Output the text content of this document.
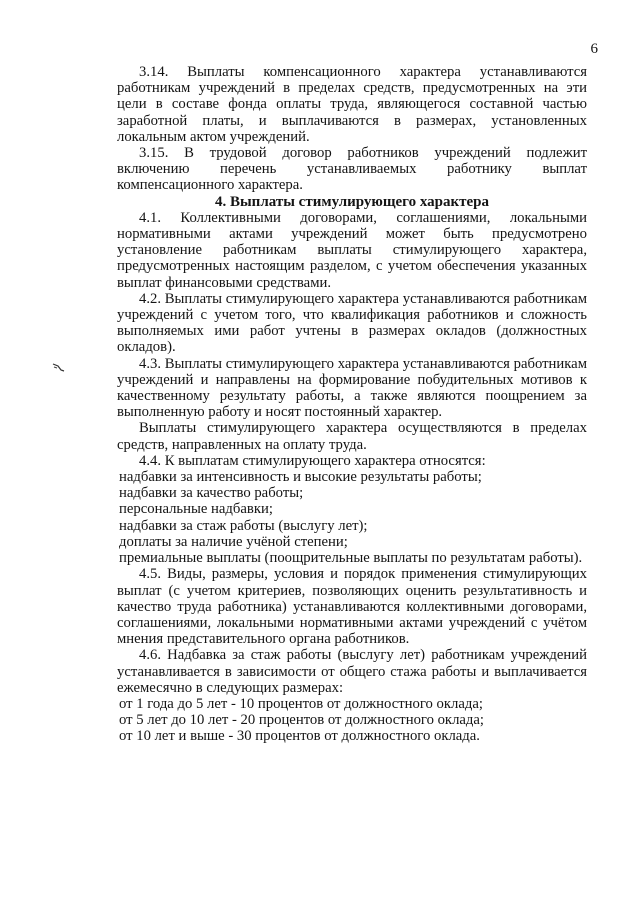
6

3.14. Выплаты компенсационного характера устанавливаются работникам учреждений в пределах средств, предусмотренных на эти цели в составе фонда оплаты труда, являющегося составной частью заработной платы, и выплачиваются в размерах, установленных локальным актом учреждений.

3.15. В трудовой договор работников учреждений подлежит включению перечень устанавливаемых работнику выплат компенсационного характера.

4. Выплаты стимулирующего характера

4.1. Коллективными договорами, соглашениями, локальными нормативными актами учреждений может быть предусмотрено установление работникам выплаты стимулирующего характера, предусмотренных настоящим разделом, с учетом обеспечения указанных выплат финансовыми средствами.

4.2. Выплаты стимулирующего характера устанавливаются работникам учреждений с учетом того, что квалификация работников и сложность выполняемых ими работ учтены в размерах окладов (должностных окладов).

4.3. Выплаты стимулирующего характера устанавливаются работникам учреждений и направлены на формирование побудительных мотивов к качественному результату работы, а также являются поощрением за выполненную работу и носят постоянный характер.

Выплаты стимулирующего характера осуществляются в пределах средств, направленных на оплату труда.

4.4. К выплатам стимулирующего характера относятся:

надбавки за интенсивность и высокие результаты работы;

надбавки за качество работы;

персональные надбавки;

надбавки за стаж работы (выслугу лет);

доплаты за наличие учёной степени;

премиальные выплаты (поощрительные выплаты по результатам работы).

4.5. Виды, размеры, условия и порядок применения стимулирующих выплат (с учетом критериев, позволяющих оценить результативность и качество труда работника) устанавливаются коллективными договорами, соглашениями, локальными нормативными актами учреждений с учётом мнения представительного органа работников.

4.6. Надбавка за стаж работы (выслугу лет) работникам учреждений устанавливается в зависимости от общего стажа работы и выплачивается ежемесячно в следующих размерах:

от 1 года до 5 лет - 10 процентов от должностного оклада;

от 5 лет до 10 лет - 20 процентов от должностного оклада;

от 10 лет и выше - 30 процентов от должностного оклада.
